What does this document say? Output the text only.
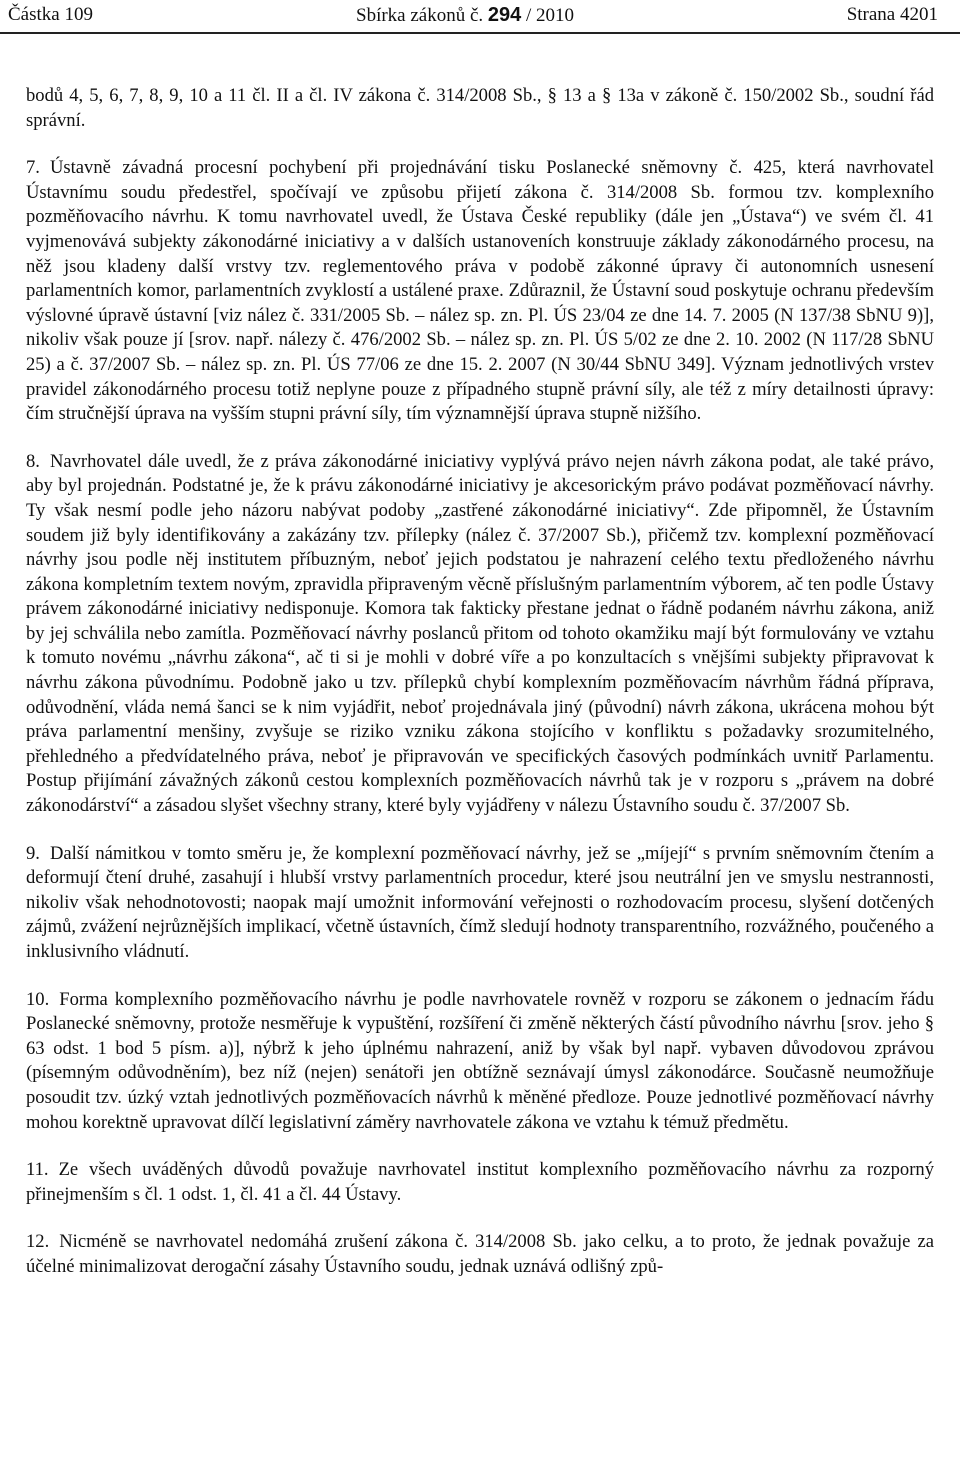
Částka 109	Sbírka zákonů č. 294 / 2010	Strana 4201

bodů 4, 5, 6, 7, 8, 9, 10 a 11 čl. II a čl. IV zákona č. 314/2008 Sb., § 13 a § 13a v zákoně č. 150/2002 Sb., soudní řád správní.

7. Ústavně závadná procesní pochybení při projednávání tisku Poslanecké sněmovny č. 425, která navrhovatel Ústavnímu soudu předestřel, spočívají ve způsobu přijetí zákona č. 314/2008 Sb. formou tzv. komplexního pozměňovacího návrhu. K tomu navrhovatel uvedl, že Ústava České republiky (dále jen „Ústava“) ve svém čl. 41 vyjmenovává subjekty zákonodárné iniciativy a v dalších ustanoveních konstruuje základy zákonodárného procesu, na něž jsou kladeny další vrstvy tzv. reglementového práva v podobě zákonné úpravy či autonomních usnesení parlamentních komor, parlamentních zvyklostí a ustálené praxe. Zdůraznil, že Ústavní soud poskytuje ochranu především výslovné úpravě ústavní [viz nález č. 331/2005 Sb. – nález sp. zn. Pl. ÚS 23/04 ze dne 14. 7. 2005 (N 137/38 SbNU 9)], nikoliv však pouze jí [srov. např. nálezy č. 476/2002 Sb. – nález sp. zn. Pl. ÚS 5/02 ze dne 2. 10. 2002 (N 117/28 SbNU 25) a č. 37/2007 Sb. – nález sp. zn. Pl. ÚS 77/06 ze dne 15. 2. 2007 (N 30/44 SbNU 349]. Význam jednotlivých vrstev pravidel zákonodárného procesu totiž neplyne pouze z případného stupně právní síly, ale též z míry detailnosti úpravy: čím stručnější úprava na vyšším stupni právní síly, tím významnější úprava stupně nižšího.

8. Navrhovatel dále uvedl, že z práva zákonodárné iniciativy vyplývá právo nejen návrh zákona podat, ale také právo, aby byl projednán. Podstatné je, že k právu zákonodárné iniciativy je akcesorickým právo podávat pozměňovací návrhy. Ty však nesmí podle jeho názoru nabývat podoby „zastřené zákonodárné iniciativy“. Zde připomněl, že Ústavním soudem již byly identifikovány a zakázány tzv. přílepky (nález č. 37/2007 Sb.), přičemž tzv. komplexní pozměňovací návrhy jsou podle něj institutem příbuzným, neboť jejich podstatou je nahrazení celého textu předloženého návrhu zákona kompletním textem novým, zpravidla připraveným věcně příslušným parlamentním výborem, ač ten podle Ústavy právem zákonodárné iniciativy nedisponuje. Komora tak fakticky přestane jednat o řádně podaném návrhu zákona, aniž by jej schválila nebo zamítla. Pozměňovací návrhy poslanců přitom od tohoto okamžiku mají být formulovány ve vztahu k tomuto novému „návrhu zákona“, ač ti si je mohli v dobré víře a po konzultacích s vnějšími subjekty připravovat k návrhu zákona původnímu. Podobně jako u tzv. přílepků chybí komplexním pozměňovacím návrhům řádná příprava, odůvodnění, vláda nemá šanci se k nim vyjádřit, neboť projednávala jiný (původní) návrh zákona, ukrácena mohou být práva parlamentní menšiny, zvyšuje se riziko vzniku zákona stojícího v konfliktu s požadavky srozumitelného, přehledného a předvídatelného práva, neboť je připravován ve specifických časových podmínkách uvnitř Parlamentu. Postup přijímání závažných zákonů cestou komplexních pozměňovacích návrhů tak je v rozporu s „právem na dobré zákonodárství“ a zásadou slyšet všechny strany, které byly vyjádřeny v nálezu Ústavního soudu č. 37/2007 Sb.

9. Další námitkou v tomto směru je, že komplexní pozměňovací návrhy, jež se „míjejí“ s prvním sněmovním čtením a deformují čtení druhé, zasahují i hlubší vrstvy parlamentních procedur, které jsou neutrální jen ve smyslu nestrannosti, nikoliv však nehodnotovosti; naopak mají umožnit informování veřejnosti o rozhodovacím procesu, slyšení dotčených zájmů, zvážení nejrůznějších implikací, včetně ústavních, čímž sledují hodnoty transparentního, rozvážného, poučeného a inklusivního vládnutí.

10. Forma komplexního pozměňovacího návrhu je podle navrhovatele rovněž v rozporu se zákonem o jednacím řádu Poslanecké sněmovny, protože nesměřuje k vypuštění, rozšíření či změně některých částí původního návrhu [srov. jeho § 63 odst. 1 bod 5 písm. a)], nýbrž k jeho úplnému nahrazení, aniž by však byl např. vybaven důvodovou zprávou (písemným odůvodněním), bez níž (nejen) senátoři jen obtížně seznávají úmysl zákonodárce. Současně neumožňuje posoudit tzv. úzký vztah jednotlivých pozměňovacích návrhů k měněné předloze. Pouze jednotlivé pozměňovací návrhy mohou korektně upravovat dílčí legislativní záměry navrhovatele zákona ve vztahu k témuž předmětu.

11. Ze všech uváděných důvodů považuje navrhovatel institut komplexního pozměňovacího návrhu za rozporný přinejmenším s čl. 1 odst. 1, čl. 41 a čl. 44 Ústavy.

12. Nicméně se navrhovatel nedomáhá zrušení zákona č. 314/2008 Sb. jako celku, a to proto, že jednak považuje za účelné minimalizovat derogační zásahy Ústavního soudu, jednak uznává odlišný způ-
